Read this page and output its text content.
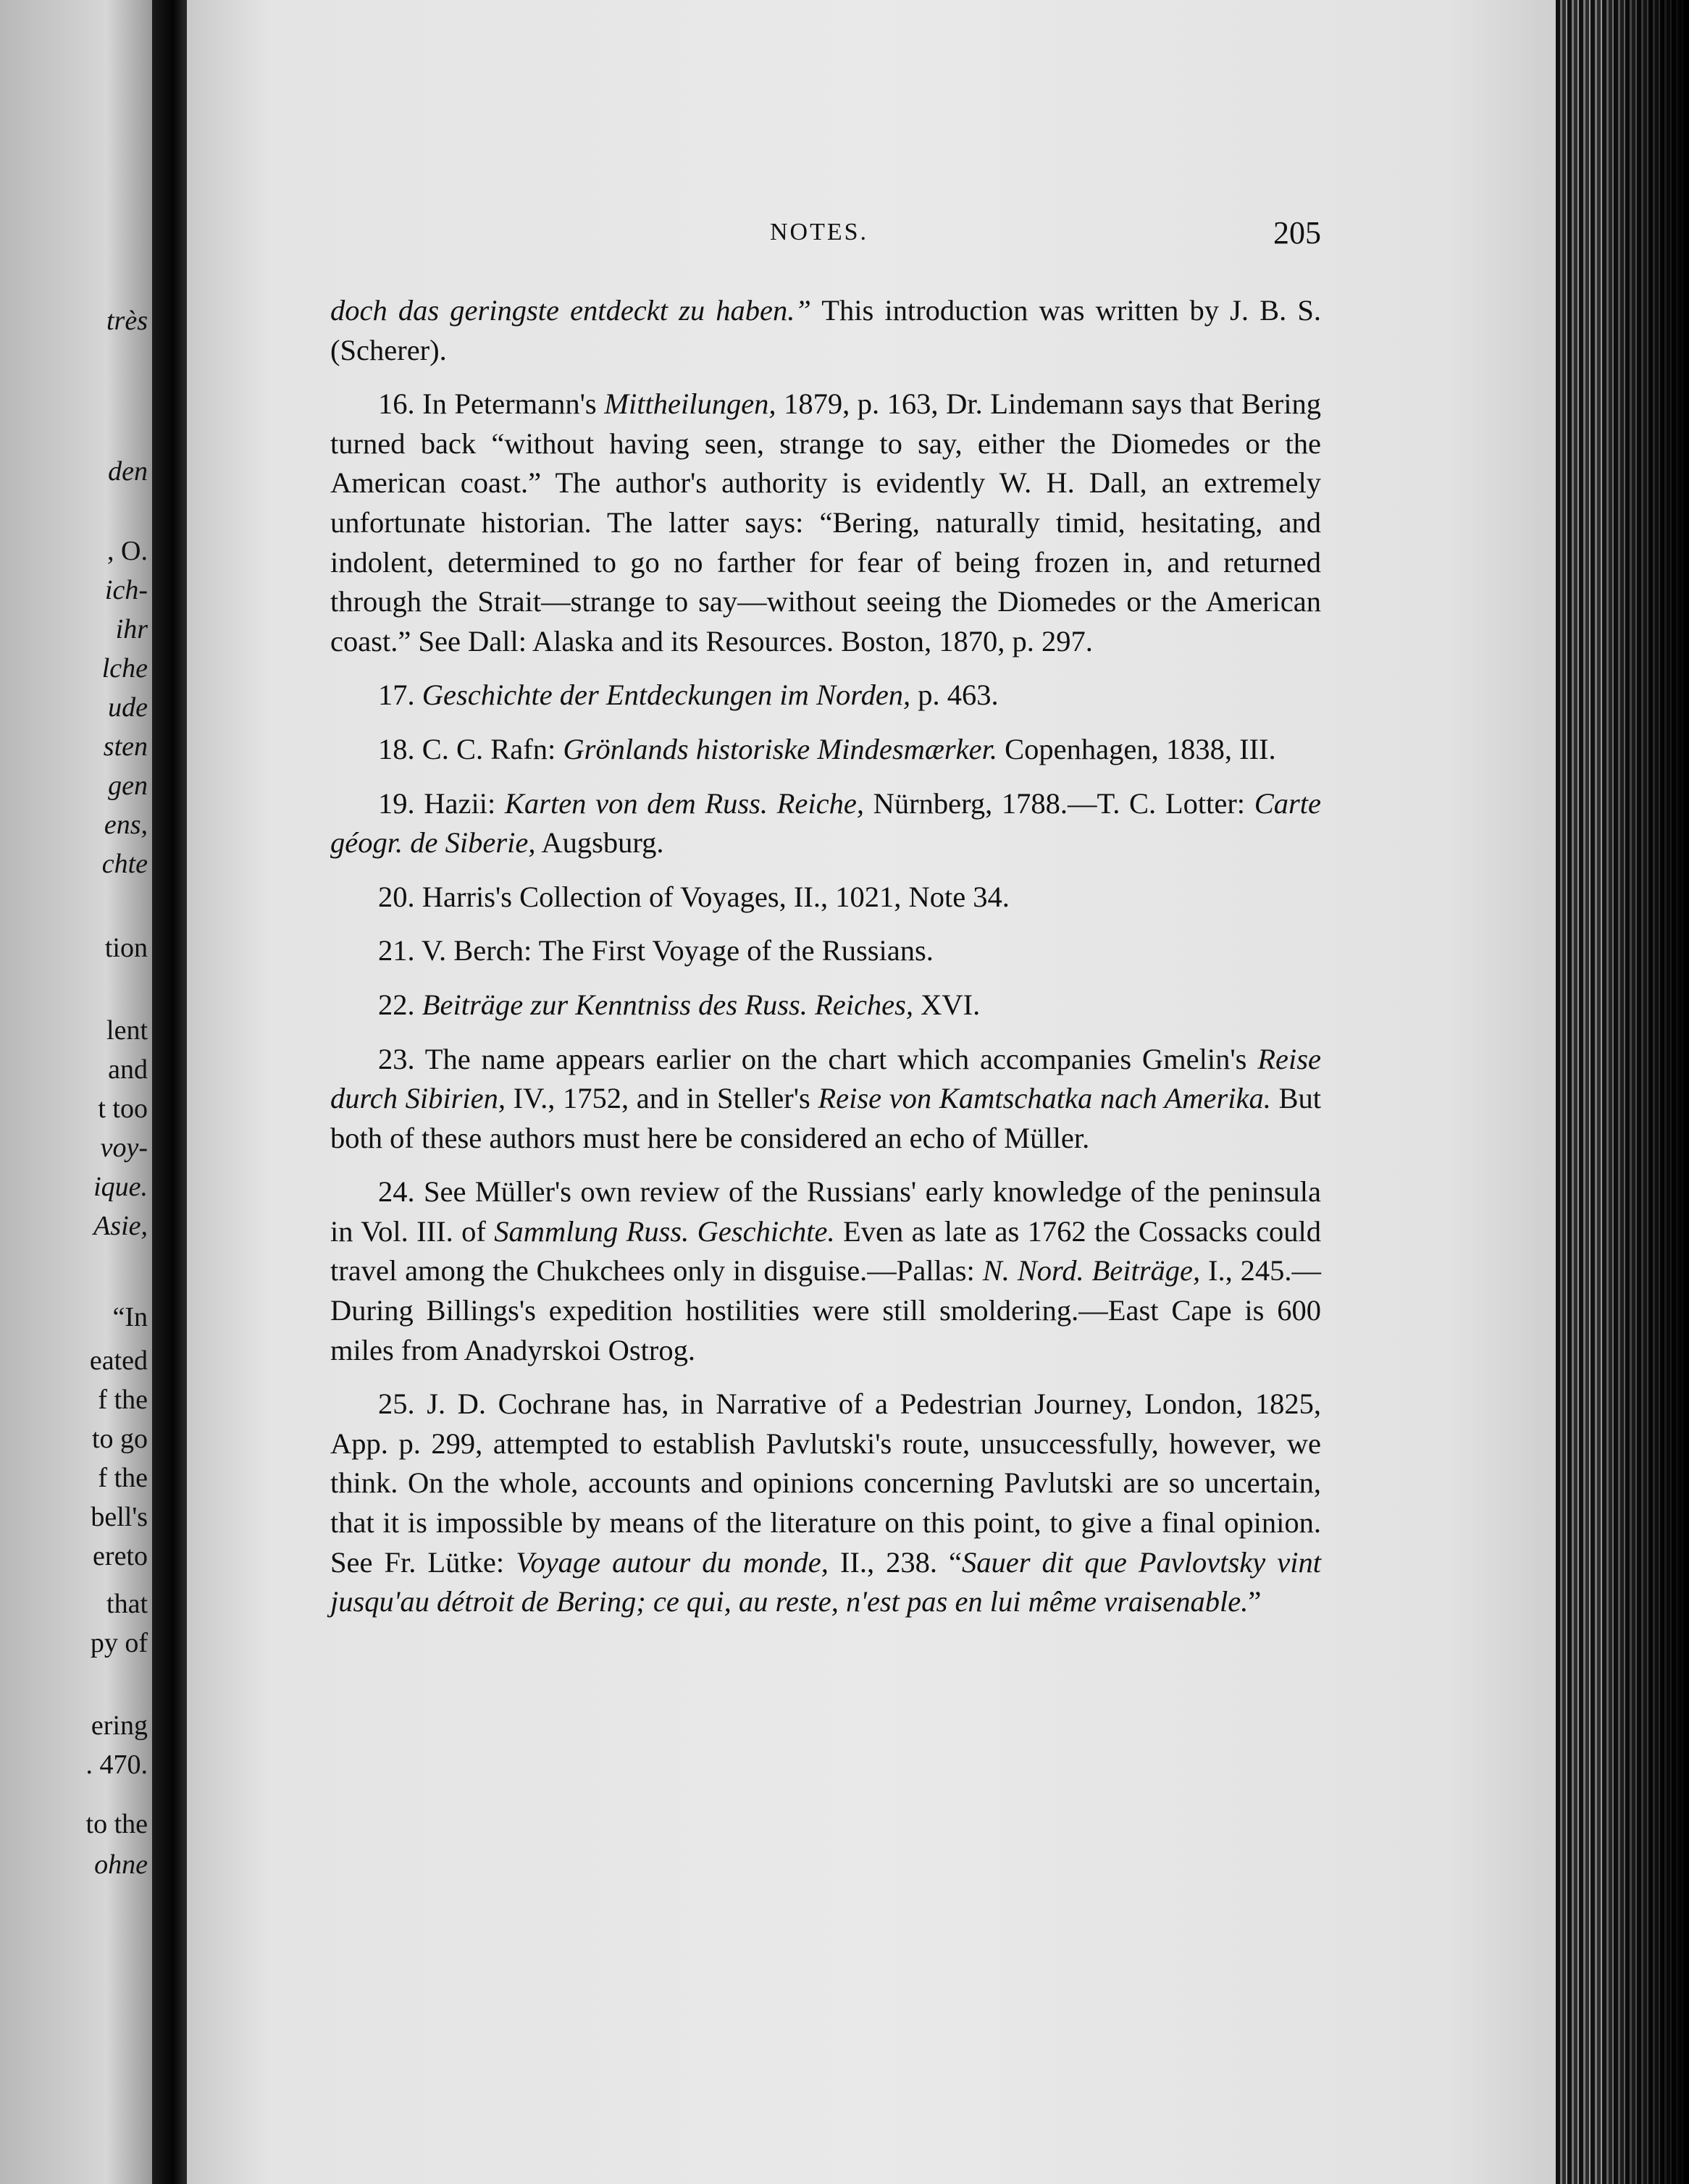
très
den
, O.
ich-
ihr
lche
ude
sten
gen
ens,
chte
tion
lent
and
t too
voy-
ique.
Asie,
“In
eated
f the
to go
f the
bell's
ereto
that
py of
ering
. 470.
to the
ohne
NOTES.	205

doch das geringste entdeckt zu haben.” This introduction was written by J. B. S. (Scherer).

16. In Petermann's Mittheilungen, 1879, p. 163, Dr. Lindemann says that Bering turned back “without having seen, strange to say, either the Diomedes or the American coast.” The author's authority is evidently W. H. Dall, an extremely unfortunate historian. The latter says: “Bering, naturally timid, hesitating, and indolent, determined to go no farther for fear of being frozen in, and returned through the Strait—strange to say—without seeing the Diomedes or the American coast.” See Dall: Alaska and its Resources. Boston, 1870, p. 297.

17. Geschichte der Entdeckungen im Norden, p. 463.

18. C. C. Rafn: Grönlands historiske Mindesmærker. Copenhagen, 1838, III.

19. Hazii: Karten von dem Russ. Reiche, Nürnberg, 1788.—T. C. Lotter: Carte géogr. de Siberie, Augsburg.

20. Harris's Collection of Voyages, II., 1021, Note 34.

21. V. Berch: The First Voyage of the Russians.

22. Beiträge zur Kenntniss des Russ. Reiches, XVI.

23. The name appears earlier on the chart which accompanies Gmelin's Reise durch Sibirien, IV., 1752, and in Steller's Reise von Kamtschatka nach Amerika. But both of these authors must here be considered an echo of Müller.

24. See Müller's own review of the Russians' early knowledge of the peninsula in Vol. III. of Sammlung Russ. Geschichte. Even as late as 1762 the Cossacks could travel among the Chukchees only in disguise.—Pallas: N. Nord. Beiträge, I., 245.—During Billings's expedition hostilities were still smoldering.—East Cape is 600 miles from Anadyrskoi Ostrog.

25. J. D. Cochrane has, in Narrative of a Pedestrian Journey, London, 1825, App. p. 299, attempted to establish Pavlutski's route, unsuccessfully, however, we think. On the whole, accounts and opinions concerning Pavlutski are so uncertain, that it is impossible by means of the literature on this point, to give a final opinion. See Fr. Lütke: Voyage autour du monde, II., 238. “Sauer dit que Pavlovtsky vint jusqu'au détroit de Bering; ce qui, au reste, n'est pas en lui même vraisenable.”
